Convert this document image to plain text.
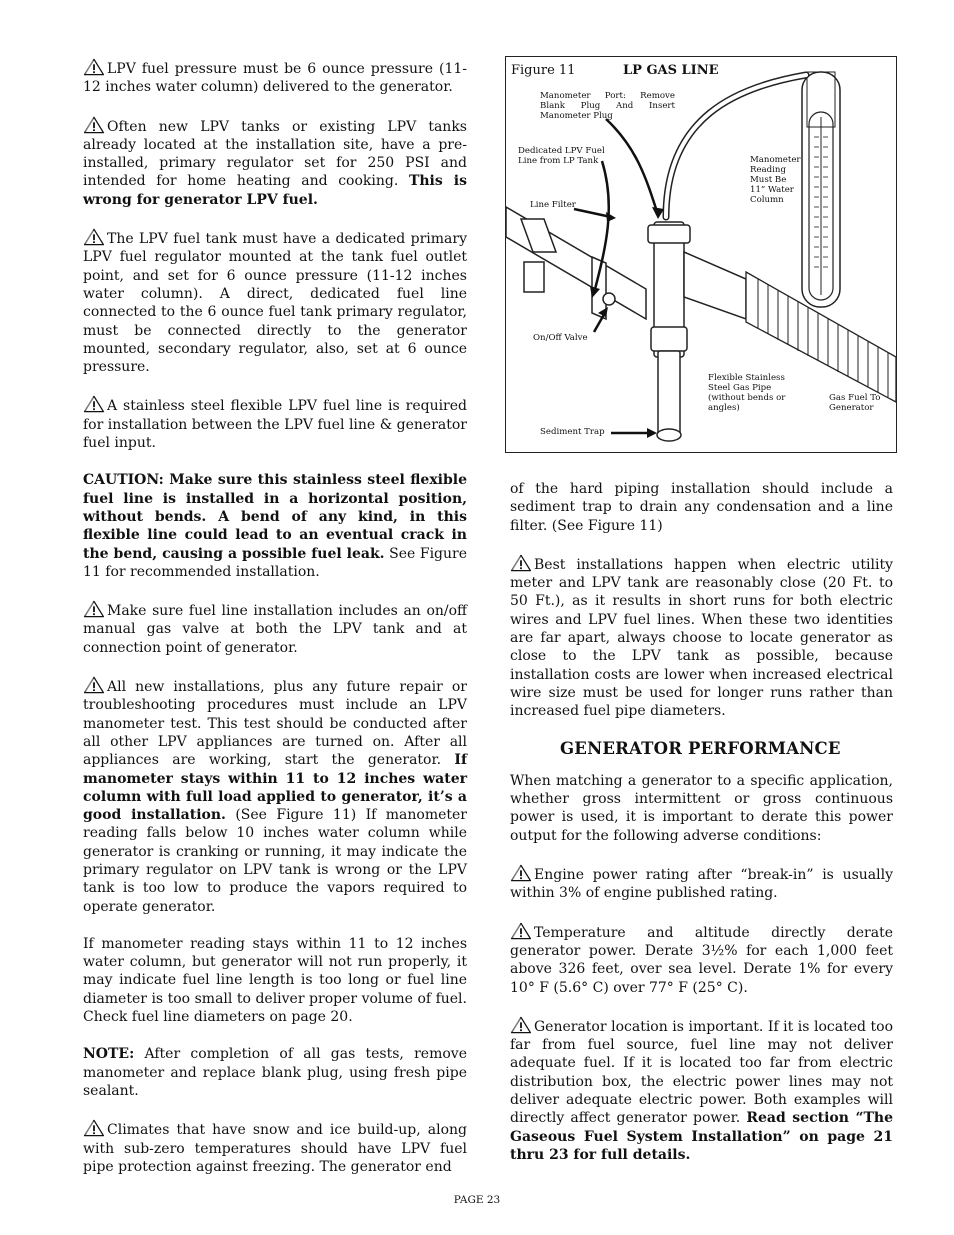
LPV fuel pressure must be 6 ounce pressure (11-12 inches water column) delivered to the generator.

Often new LPV tanks or existing LPV tanks already located at the installation site, have a pre-installed, primary regulator set for 250 PSI and intended for home heating and cooking. This is wrong for generator LPV fuel.

The LPV fuel tank must have a dedicated primary LPV fuel regulator mounted at the tank fuel outlet point, and set for 6 ounce pressure (11-12 inches water column). A direct, dedicated fuel line connected to the 6 ounce fuel tank primary regulator, must be connected directly to the generator mounted, secondary regulator, also, set at 6 ounce pressure.

A stainless steel flexible LPV fuel line is required for installation between the LPV fuel line & generator fuel input.

CAUTION: Make sure this stainless steel flexible fuel line is installed in a horizontal position, without bends. A bend of any kind, in this flexible line could lead to an eventual crack in the bend, causing a possible fuel leak. See Figure 11 for recommended installation.

Make sure fuel line installation includes an on/off manual gas valve at both the LPV tank and at connection point of generator.

All new installations, plus any future repair or troubleshooting procedures must include an LPV manometer test. This test should be conducted after all other LPV appliances are turned on. After all appliances are working, start the generator. If manometer stays within 11 to 12 inches water column with full load applied to generator, it’s a good installation. (See Figure 11) If manometer reading falls below 10 inches water column while generator is cranking or running, it may indicate the primary regulator on LPV tank is wrong or the LPV tank is too low to produce the vapors required to operate generator.

If manometer reading stays within 11 to 12 inches water column, but generator will not run properly, it may indicate fuel line length is too long or fuel line diameter is too small to deliver proper volume of fuel. Check fuel line diameters on page 20.

NOTE: After completion of all gas tests, remove manometer and replace blank plug, using fresh pipe sealant.

Climates that have snow and ice build-up, along with sub-zero temperatures should have LPV fuel pipe protection against freezing. The generator end

Figure 11	LP GAS LINE
Manometer Port: Remove Blank Plug And Insert Manometer Plug
Dedicated LPV Fuel Line from LP Tank
Line Filter
Manometer Reading Must Be 11” Water Column
On/Off Valve
Flexible Stainless Steel Gas Pipe (without bends or angles)
Gas Fuel To Generator
Sediment Trap

of the hard piping installation should include a sediment trap to drain any condensation and a line filter. (See Figure 11)

Best installations happen when electric utility meter and LPV tank are reasonably close (20 Ft. to 50 Ft.), as it results in short runs for both electric wires and LPV fuel lines. When these two identities are far apart, always choose to locate generator as close to the LPV tank as possible, because installation costs are lower when increased electrical wire size must be used for longer runs rather than increased fuel pipe diameters.

GENERATOR PERFORMANCE

When matching a generator to a specific application, whether gross intermittent or gross continuous power is used, it is important to derate this power output for the following adverse conditions:

Engine power rating after “break-in” is usually within 3% of engine published rating.

Temperature and altitude directly derate generator power. Derate 3½% for each 1,000 feet above 326 feet, over sea level. Derate 1% for every 10° F (5.6° C) over 77° F (25° C).

Generator location is important. If it is located too far from fuel source, fuel line may not deliver adequate fuel. If it is located too far from electric distribution box, the electric power lines may not deliver adequate electric power. Both examples will directly affect generator power. Read section “The Gaseous Fuel System Installation” on page 21 thru 23 for full details.

PAGE 23
